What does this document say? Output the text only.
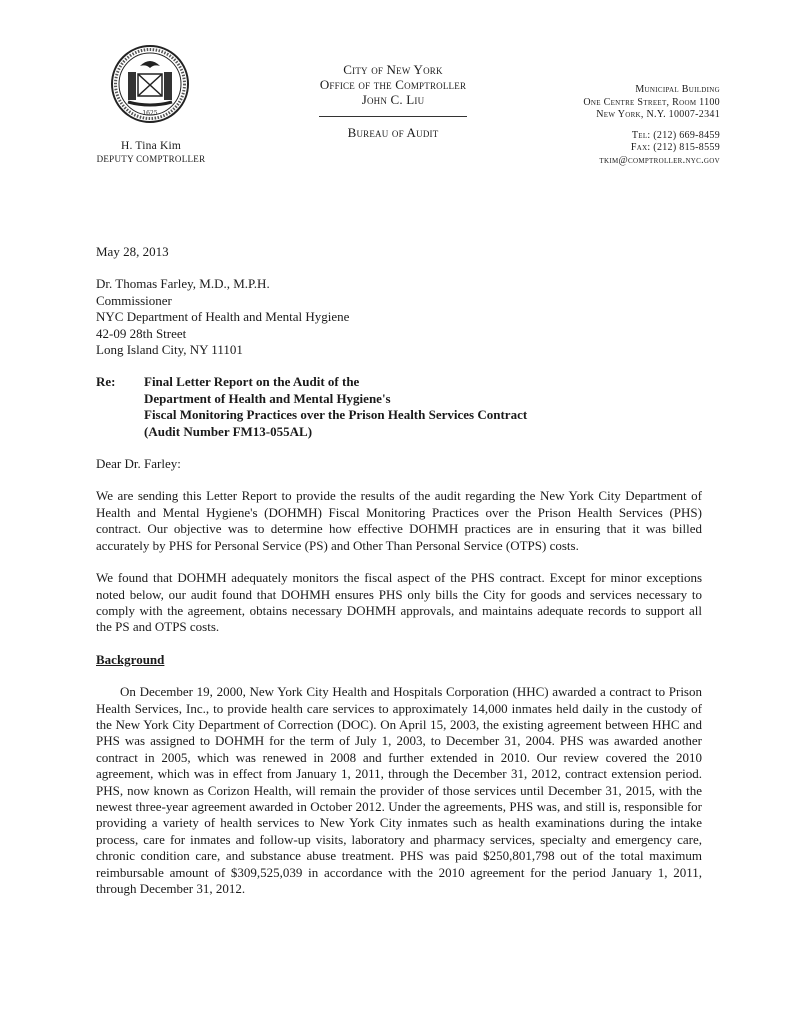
1625
H. Tina Kim
DEPUTY COMPTROLLER
City of New York
Office of the Comptroller
John C. Liu
Bureau of Audit
Municipal Building
One Centre Street, Room 1100
New York, N.Y. 10007-2341
Tel: (212) 669-8459
Fax: (212) 815-8559
tkim@comptroller.nyc.gov
May 28, 2013
Dr. Thomas Farley, M.D., M.P.H.
Commissioner
NYC Department of Health and Mental Hygiene
42-09 28th Street
Long Island City, NY 11101
Re:	Final Letter Report on the Audit of the
Department of Health and Mental Hygiene's
Fiscal Monitoring Practices over the Prison Health Services Contract
(Audit Number FM13-055AL)
Dear Dr. Farley:

We are sending this Letter Report to provide the results of the audit regarding the New York City Department of Health and Mental Hygiene's (DOHMH) Fiscal Monitoring Practices over the Prison Health Services (PHS) contract. Our objective was to determine how effective DOHMH practices are in ensuring that it was billed accurately by PHS for Personal Service (PS) and Other Than Personal Service (OTPS) costs.

We found that DOHMH adequately monitors the fiscal aspect of the PHS contract. Except for minor exceptions noted below, our audit found that DOHMH ensures PHS only bills the City for goods and services necessary to comply with the agreement, obtains necessary DOHMH approvals, and maintains adequate records to support all the PS and OTPS costs.

Background

On December 19, 2000, New York City Health and Hospitals Corporation (HHC) awarded a contract to Prison Health Services, Inc., to provide health care services to approximately 14,000 inmates held daily in the custody of the New York City Department of Correction (DOC). On April 15, 2003, the existing agreement between HHC and PHS was assigned to DOHMH for the term of July 1, 2003, to December 31, 2004. PHS was awarded another contract in 2005, which was renewed in 2008 and further extended in 2010. Our review covered the 2010 agreement, which was in effect from January 1, 2011, through the December 31, 2012, contract extension period. PHS, now known as Corizon Health, will remain the provider of those services until December 31, 2015, with the newest three-year agreement awarded in October 2012. Under the agreements, PHS was, and still is, responsible for providing a variety of health services to New York City inmates such as health examinations during the intake process, care for inmates and follow-up visits, laboratory and pharmacy services, specialty and emergency care, chronic condition care, and substance abuse treatment. PHS was paid $250,801,798 out of the total maximum reimbursable amount of $309,525,039 in accordance with the 2010 agreement for the period January 1, 2011, through December 31, 2012.
